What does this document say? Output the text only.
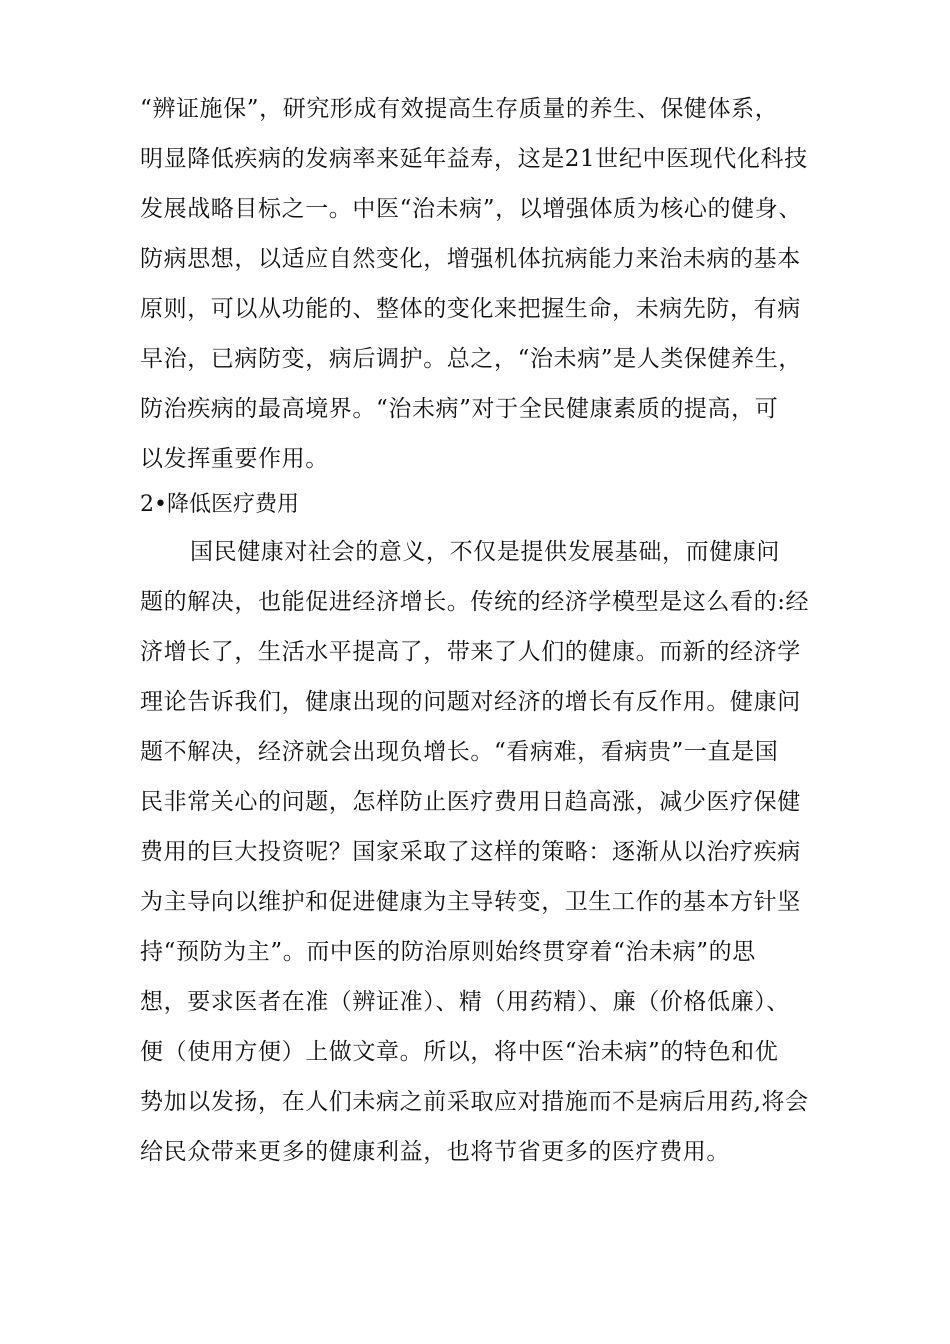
“辨证施保”，研究形成有效提高生存质量的养生、保健体系，
明显降低疾病的发病率来延年益寿，这是21世纪中医现代化科技
发展战略目标之一。中医“治未病”，以增强体质为核心的健身、
防病思想，以适应自然变化，增强机体抗病能力来治未病的基本
原则，可以从功能的、整体的变化来把握生命，未病先防，有病
早治，已病防变，病后调护。总之，“治未病”是人类保健养生，
防治疾病的最高境界。“治未病”对于全民健康素质的提高，可
以发挥重要作用。
2•降低医疗费用
国民健康对社会的意义，不仅是提供发展基础，而健康问
题的解决，也能促进经济增长。传统的经济学模型是这么看的:经
济增长了，生活水平提高了，带来了人们的健康。而新的经济学
理论告诉我们，健康出现的问题对经济的增长有反作用。健康问
题不解决，经济就会出现负增长。“看病难，看病贵”一直是国
民非常关心的问题，怎样防止医疗费用日趋高涨，减少医疗保健
费用的巨大投资呢？国家采取了这样的策略：逐渐从以治疗疾病
为主导向以维护和促进健康为主导转变，卫生工作的基本方针坚
持“预防为主”。而中医的防治原则始终贯穿着“治未病”的思
想，要求医者在准（辨证准）、精（用药精）、廉（价格低廉）、
便（使用方便）上做文章。所以，将中医“治未病”的特色和优
势加以发扬，在人们未病之前采取应对措施而不是病后用药,将会
给民众带来更多的健康利益，也将节省更多的医疗费用。
